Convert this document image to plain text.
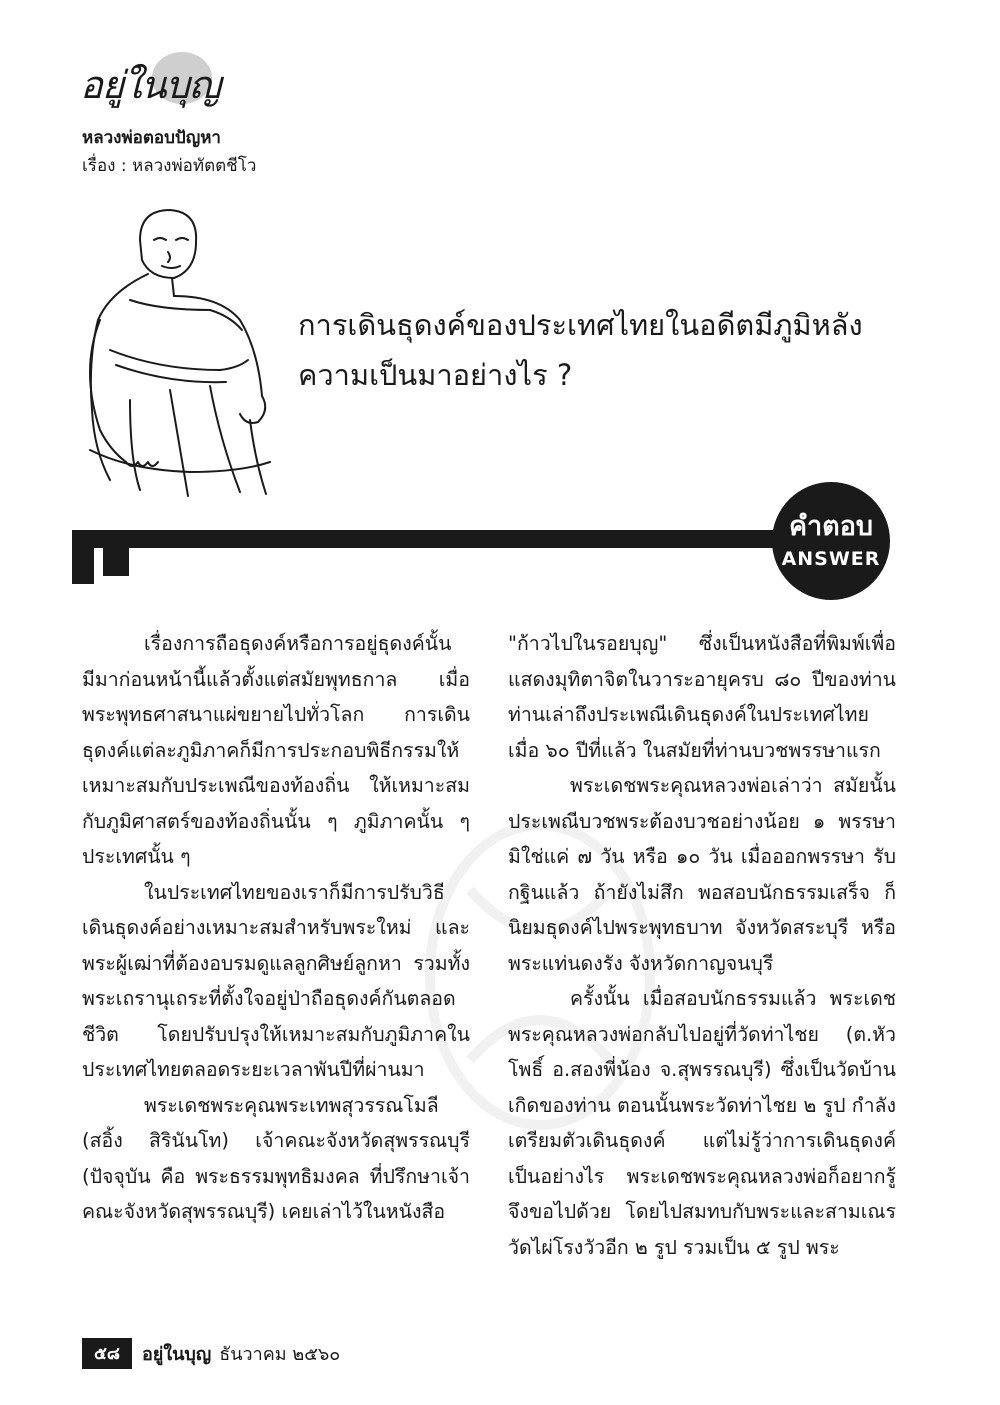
อยู่ในบุญ
หลวงพ่อตอบปัญหา
เรื่อง : หลวงพ่อทัตตชีโว
การเดินธุดงค์ของประเทศไทยในอดีตมีภูมิหลัง
ความเป็นมาอย่างไร ?
คำตอบ
ANSWER

เรื่องการถือธุดงค์หรือการอยู่ธุดงค์นั้น มีมาก่อนหน้านี้แล้วตั้งแต่สมัยพุทธกาล เมื่อพระพุทธศาสนาแผ่ขยายไปทั่วโลก การเดินธุดงค์แต่ละภูมิภาคก็มีการประกอบพิธีกรรมให้เหมาะสมกับประเพณีของท้องถิ่น ให้เหมาะสมกับภูมิศาสตร์ของท้องถิ่นนั้น ๆ ภูมิภาคนั้น ๆ ประเทศนั้น ๆ

ในประเทศไทยของเราก็มีการปรับวิธีเดินธุดงค์อย่างเหมาะสมสำหรับพระใหม่ และพระผู้เฒ่าที่ต้องอบรมดูแลลูกศิษย์ลูกหา รวมทั้งพระเถรานุเถระที่ตั้งใจอยู่ป่าถือธุดงค์กันตลอดชีวิต โดยปรับปรุงให้เหมาะสมกับภูมิภาคในประเทศไทยตลอดระยะเวลาพันปีที่ผ่านมา

พระเดชพระคุณพระเทพสุวรรณโมลี (สอิ้ง สิรินันโท) เจ้าคณะจังหวัดสุพรรณบุรี (ปัจจุบัน คือ พระธรรมพุทธิมงคล ที่ปรึกษาเจ้าคณะจังหวัดสุพรรณบุรี) เคยเล่าไว้ในหนังสือ

"ก้าวไปในรอยบุญ" ซึ่งเป็นหนังสือที่พิมพ์เพื่อแสดงมุทิตาจิตในวาระอายุครบ ๘๐ ปีของท่าน ท่านเล่าถึงประเพณีเดินธุดงค์ในประเทศไทย เมื่อ ๖๐ ปีที่แล้ว ในสมัยที่ท่านบวชพรรษาแรก

พระเดชพระคุณหลวงพ่อเล่าว่า สมัยนั้น ประเพณีบวชพระต้องบวชอย่างน้อย ๑ พรรษา มิใช่แค่ ๗ วัน หรือ ๑๐ วัน เมื่อออกพรรษา รับกฐินแล้ว ถ้ายังไม่สึก พอสอบนักธรรมเสร็จ ก็นิยมธุดงค์ไปพระพุทธบาท จังหวัดสระบุรี หรือพระแท่นดงรัง จังหวัดกาญจนบุรี

ครั้งนั้น เมื่อสอบนักธรรมแล้ว พระเดชพระคุณหลวงพ่อกลับไปอยู่ที่วัดท่าไชย (ต.หัวโพธิ์ อ.สองพี่น้อง จ.สุพรรณบุรี) ซึ่งเป็นวัดบ้านเกิดของท่าน ตอนนั้นพระวัดท่าไชย ๒ รูป กำลังเตรียมตัวเดินธุดงค์ แต่ไม่รู้ว่าการเดินธุดงค์เป็นอย่างไร พระเดชพระคุณหลวงพ่อก็อยากรู้ จึงขอไปด้วย โดยไปสมทบกับพระและสามเณรวัดไผ่โรงวัวอีก ๒ รูป รวมเป็น ๕ รูป พระ

๕๘	อยู่ในบุญ ธันวาคม ๒๕๖๐
